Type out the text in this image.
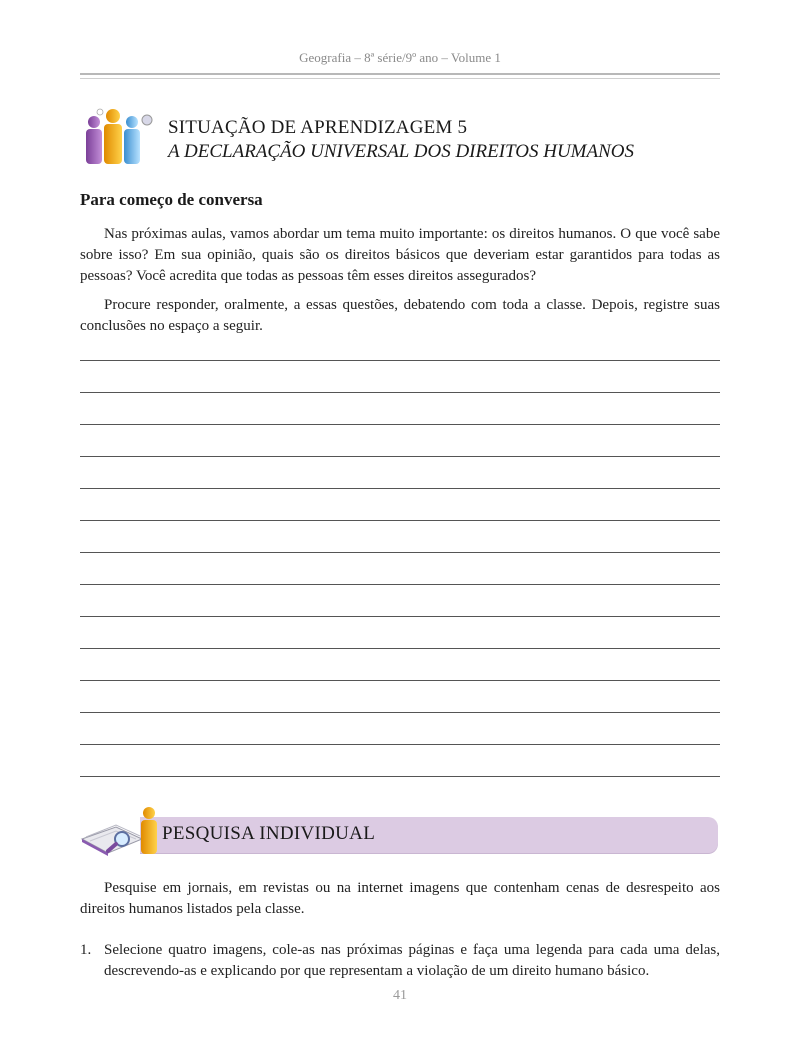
Geografia – 8ª série/9º ano – Volume 1
SITUAÇÃO DE APRENDIZAGEM 5
A DECLARAÇÃO UNIVERSAL DOS DIREITOS HUMANOS
Para começo de conversa
Nas próximas aulas, vamos abordar um tema muito importante: os direitos humanos. O que você sabe sobre isso? Em sua opinião, quais são os direitos básicos que deveriam estar garantidos para todas as pessoas? Você acredita que todas as pessoas têm esses direitos assegurados?
Procure responder, oralmente, a essas questões, debatendo com toda a classe. Depois, registre suas conclusões no espaço a seguir.
PESQUISA INDIVIDUAL
Pesquise em jornais, em revistas ou na internet imagens que contenham cenas de desrespeito aos direitos humanos listados pela classe.
1. Selecione quatro imagens, cole-as nas próximas páginas e faça uma legenda para cada uma delas, descrevendo-as e explicando por que representam a violação de um direito humano básico.
41
